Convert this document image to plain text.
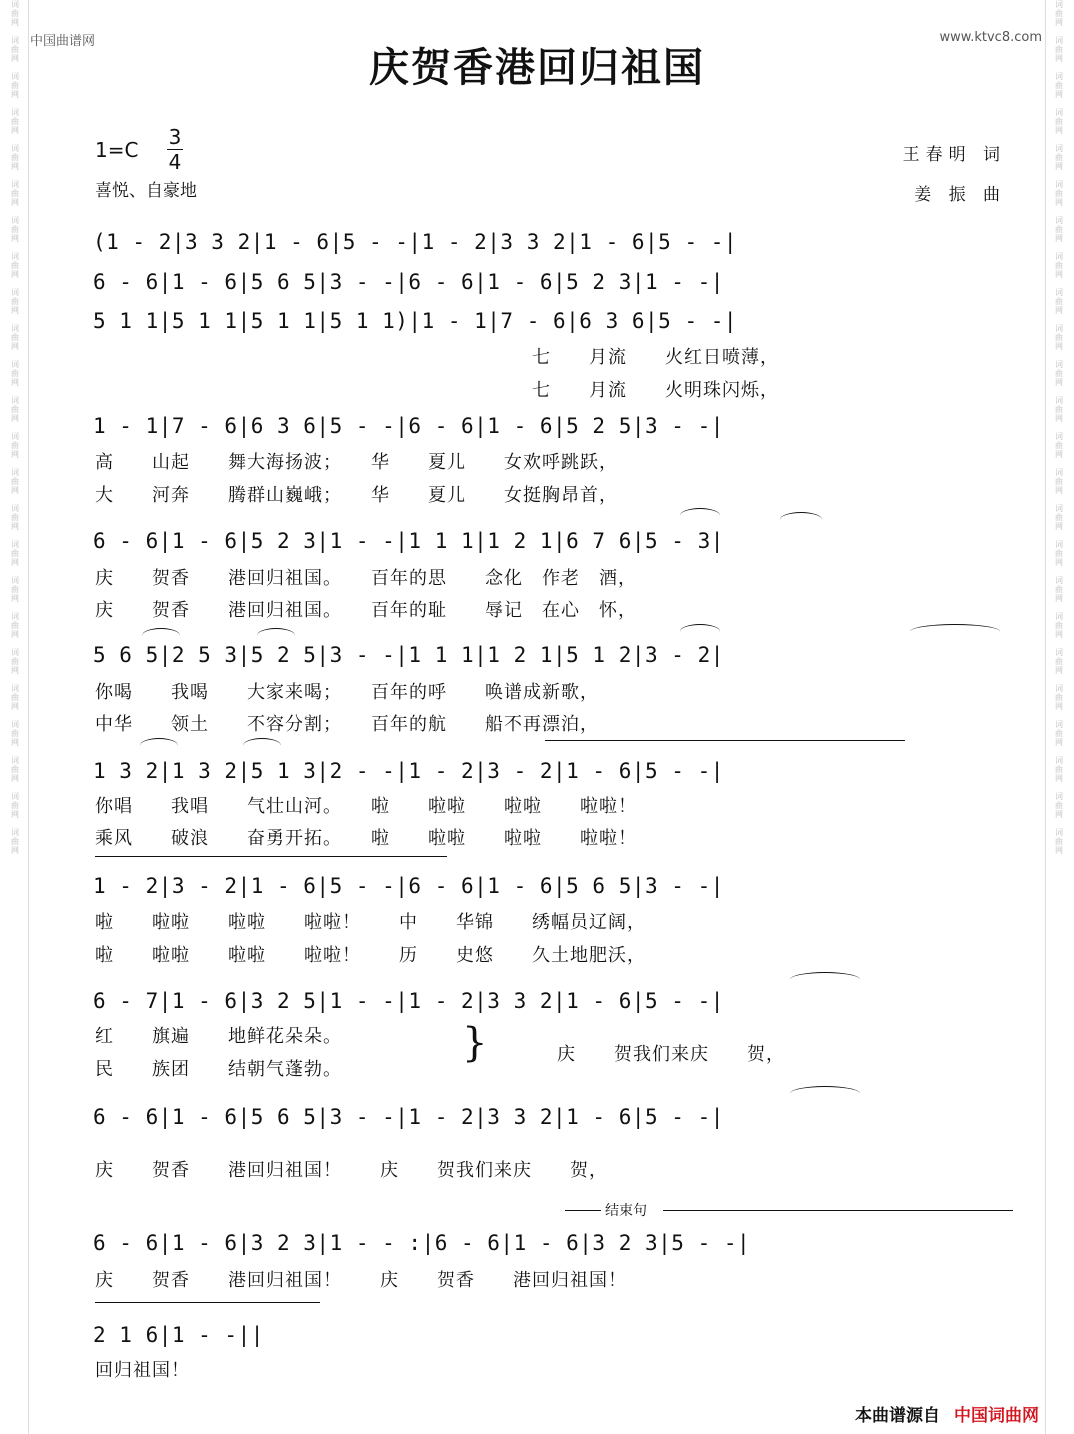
词
曲
网

词
曲
网

词
曲
网

词
曲
网

词
曲
网

词
曲
网

词
曲
网

词
曲
网

词
曲
网

词
曲
网

词
曲
网

词
曲
网

词
曲
网

词
曲
网

词
曲
网

词
曲
网

词
曲
网

词
曲
网

词
曲
网

词
曲
网

词
曲
网

词
曲
网

词
曲
网

词
曲
网

词
曲
网

词
曲
网

词
曲
网

词
曲
网

词
曲
网

词
曲
网

词
曲
网

词
曲
网

词
曲
网

词
曲
网

词
曲
网

词
曲
网

词
曲
网

词
曲
网

词
曲
网

词
曲
网

词
曲
网

词
曲
网

词
曲
网

词
曲
网

词
曲
网

词
曲
网

词
曲
网

词
曲
网

中国曲谱网	www.ktvc8.com
庆贺香港回归祖国
1=C
3
4
喜悦、自豪地
王春明 词
姜 振 曲
(1 - 2|3 3 2|1 - 6|5 - -|1 - 2|3 3 2|1 - 6|5 - -|
6 - 6|1 - 6|5 6 5|3 - -|6 - 6|1 - 6|5 2 3|1 - -|
5 1 1|5 1 1|5 1 1|5 1 1)|1 - 1|7 - 6|6 3 6|5 - -|
七　　月流　　火红日喷薄，
七　　月流　　火明珠闪烁，
1 - 1|7 - 6|6 3 6|5 - -|6 - 6|1 - 6|5 2 5|3 - -|
高　　山起　　舞大海扬波；　　华　　夏儿　　女欢呼跳跃，
大　　河奔　　腾群山巍峨；　　华　　夏儿　　女挺胸昂首，
6 - 6|1 - 6|5 2 3|1 - -|1 1 1|1 2 1|6 7 6|5 - 3|
庆　　贺香　　港回归祖国。　　百年的思　　念化　作老　酒，
庆　　贺香　　港回归祖国。　　百年的耻　　辱记　在心　怀，
5 6 5|2 5 3|5 2 5|3 - -|1 1 1|1 2 1|5 1 2|3 - 2|
你喝　　我喝　　大家来喝；　　百年的呼　　唤谱成新歌，
中华　　领土　　不容分割；　　百年的航　　船不再漂泊，
1 3 2|1 3 2|5 1 3|2 - -|1 - 2|3 - 2|1 - 6|5 - -|
你唱　　我唱　　气壮山河。　　啦　　啦啦　　啦啦　　啦啦！
乘风　　破浪　　奋勇开拓。　　啦　　啦啦　　啦啦　　啦啦！
1 - 2|3 - 2|1 - 6|5 - -|6 - 6|1 - 6|5 6 5|3 - -|
啦　　啦啦　　啦啦　　啦啦！　　中　　华锦　　绣幅员辽阔，
啦　　啦啦　　啦啦　　啦啦！　　历　　史悠　　久土地肥沃，
6 - 7|1 - 6|3 2 5|1 - -|1 - 2|3 3 2|1 - 6|5 - -|
红　　旗遍　　地鲜花朵朵。
民　　族团　　结朝气蓬勃。
}	庆　　贺我们来庆　　贺，
6 - 6|1 - 6|5 6 5|3 - -|1 - 2|3 3 2|1 - 6|5 - -|
庆　　贺香　　港回归祖国！　　庆　　贺我们来庆　　贺，
结束句
6 - 6|1 - 6|3 2 3|1 - - :|6 - 6|1 - 6|3 2 3|5 - -|
庆　　贺香　　港回归祖国！　　庆　　贺香　　港回归祖国！
2 1 6|1 - -||
回归祖国！
本曲谱源自 中国词曲网
